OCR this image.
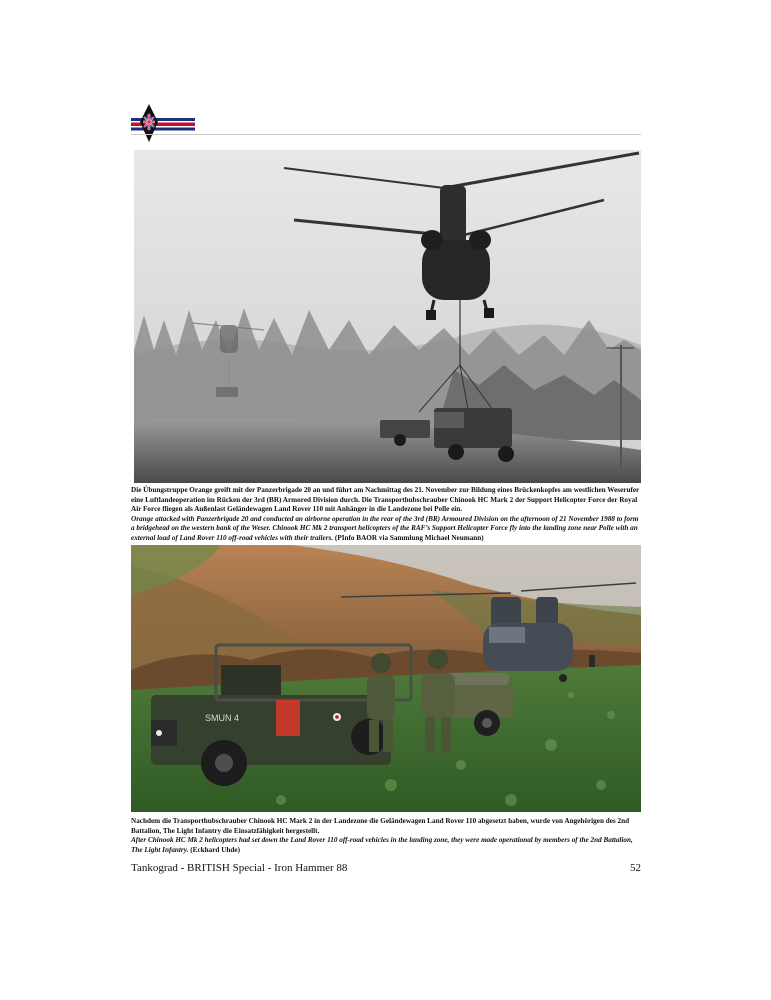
Die Übungstruppe Orange greift mit der Panzerbrigade 20 an und führt am Nachmittag des 21. November zur Bildung eines Brückenkopfes am westlichen Weserufer eine Luftlandeoperation im Rücken der 3rd (BR) Armored Division durch. Die Transporthubschrauber Chinook HC Mark 2 der Support Helicopter Force der Royal Air Force fliegen als Außenlast Geländewagen Land Rover 110 mit Anhänger in die Landezone bei Polle ein.

Orange attacked with Panzerbrigade 20 and conducted an airborne operation in the rear of the 3rd (BR) Armoured Division on the afternoon of 21 November 1988 to form a bridgehead on the western bank of the Weser. Chinook HC Mk 2 transport helicopters of the RAF’s Support Helicopter Force fly into the landing zone near Polle with an external load of Land Rover 110 off-road vehicles with their trailers. (PInfo BAOR via Sammlung Michael Neumann)

SMUN 4

Nachdem die Transporthubschrauber Chinook HC Mark 2 in der Landezone die Geländewagen Land Rover 110 abgesetzt haben, wurde von Angehörigen des 2nd Battalion, The Light Infantry die Einsatzfähigkeit hergestellt.

After Chinook HC Mk 2 helicopters had set down the Land Rover 110 off-road vehicles in the landing zone, they were made operational by members of the 2nd Battalion, The Light Infantry. (Eckhard Uhde)

Tankograd - BRITISH Special - Iron Hammer 88	52
